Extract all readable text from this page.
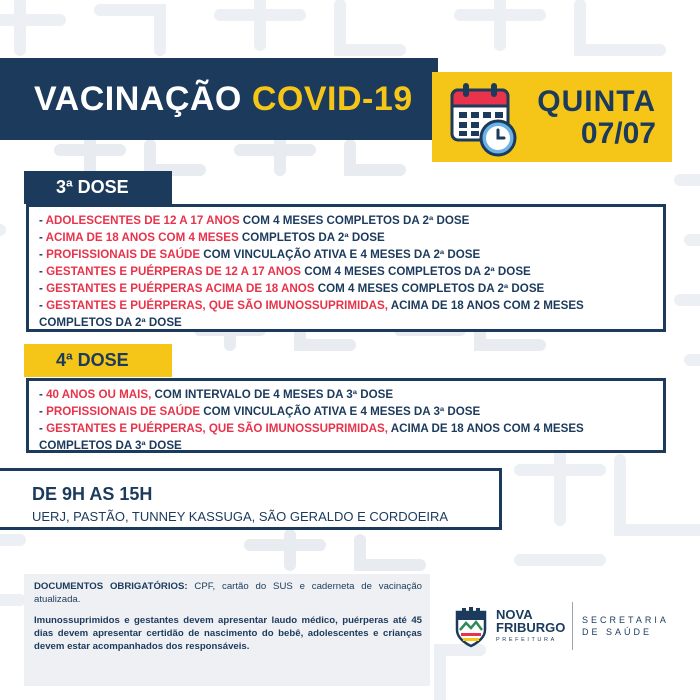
VACINAÇÃO COVID-19	QUINTA
07/07
3ª DOSE
- ADOLESCENTES DE 12 A 17 ANOS COM 4 MESES COMPLETOS DA 2ª DOSE
- ACIMA DE 18 ANOS COM 4 MESES COMPLETOS DA 2ª DOSE
- PROFISSIONAIS DE SAÚDE COM VINCULAÇÃO ATIVA E 4 MESES DA 2ª DOSE
- GESTANTES E PUÉRPERAS DE 12 A 17 ANOS COM 4 MESES COMPLETOS DA 2ª DOSE
- GESTANTES E PUÉRPERAS ACIMA DE 18 ANOS COM 4 MESES COMPLETOS DA 2ª DOSE
- GESTANTES E PUÉRPERAS, QUE SÃO IMUNOSSUPRIMIDAS, ACIMA DE 18 ANOS COM 2 MESES COMPLETOS DA 2ª DOSE
4ª DOSE
- 40 ANOS OU MAIS, COM INTERVALO DE 4 MESES DA 3ª DOSE
- PROFISSIONAIS DE SAÚDE COM VINCULAÇÃO ATIVA E 4 MESES DA 3ª DOSE
- GESTANTES E PUÉRPERAS, QUE SÃO IMUNOSSUPRIMIDAS, ACIMA DE 18 ANOS COM 4 MESES COMPLETOS DA 3ª DOSE
DE 9H AS 15H
UERJ, PASTÃO, TUNNEY KASSUGA, SÃO GERALDO E CORDOEIRA
DOCUMENTOS OBRIGATÓRIOS: CPF, cartão do SUS e caderneta de vacinação atualizada.
Imunossuprimidos e gestantes devem apresentar laudo médico, puérperas até 45 dias devem apresentar certidão de nascimento do bebê, adolescentes e crianças devem estar acompanhados dos responsáveis.
NOVA
FRIBURGO
PREFEITURA
SECRETARIA
DE SAÚDE
